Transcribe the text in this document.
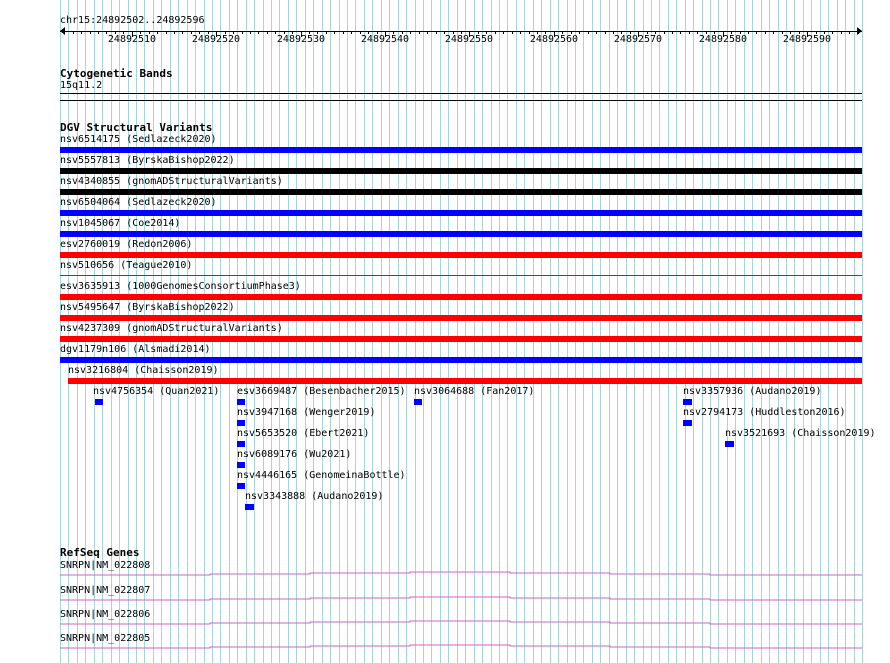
chr15:24892502..24892596
24892510	24892520	24892530	24892540	24892550	24892560	24892570	24892580	24892590
Cytogenetic Bands
15q11.2
DGV Structural Variants
nsv6514175 (Sedlazeck2020)
nsv5557813 (ByrskaBishop2022)
nsv4340855 (gnomADStructuralVariants)
nsv6504064 (Sedlazeck2020)
nsv1045067 (Coe2014)
esv2760019 (Redon2006)
nsv510656 (Teague2010)
esv3635913 (1000GenomesConsortiumPhase3)
nsv5495647 (ByrskaBishop2022)
nsv4237309 (gnomADStructuralVariants)
dgv1179n106 (Alsmadi2014)
nsv3216804 (Chaisson2019)
nsv4756354 (Quan2021) esv3669487 (Besenbacher2015) nsv3064688 (Fan2017)	nsv3357936 (Audano2019)
nsv3947168 (Wenger2019)	nsv2794173 (Huddleston2016)
nsv5653520 (Ebert2021)	nsv3521693 (Chaisson2019)
nsv6089176 (Wu2021)
nsv4446165 (GenomeinaBottle)
nsv3343888 (Audano2019)
RefSeq Genes
SNRPN|NM_022808
SNRPN|NM_022807
SNRPN|NM_022806
SNRPN|NM_022805
